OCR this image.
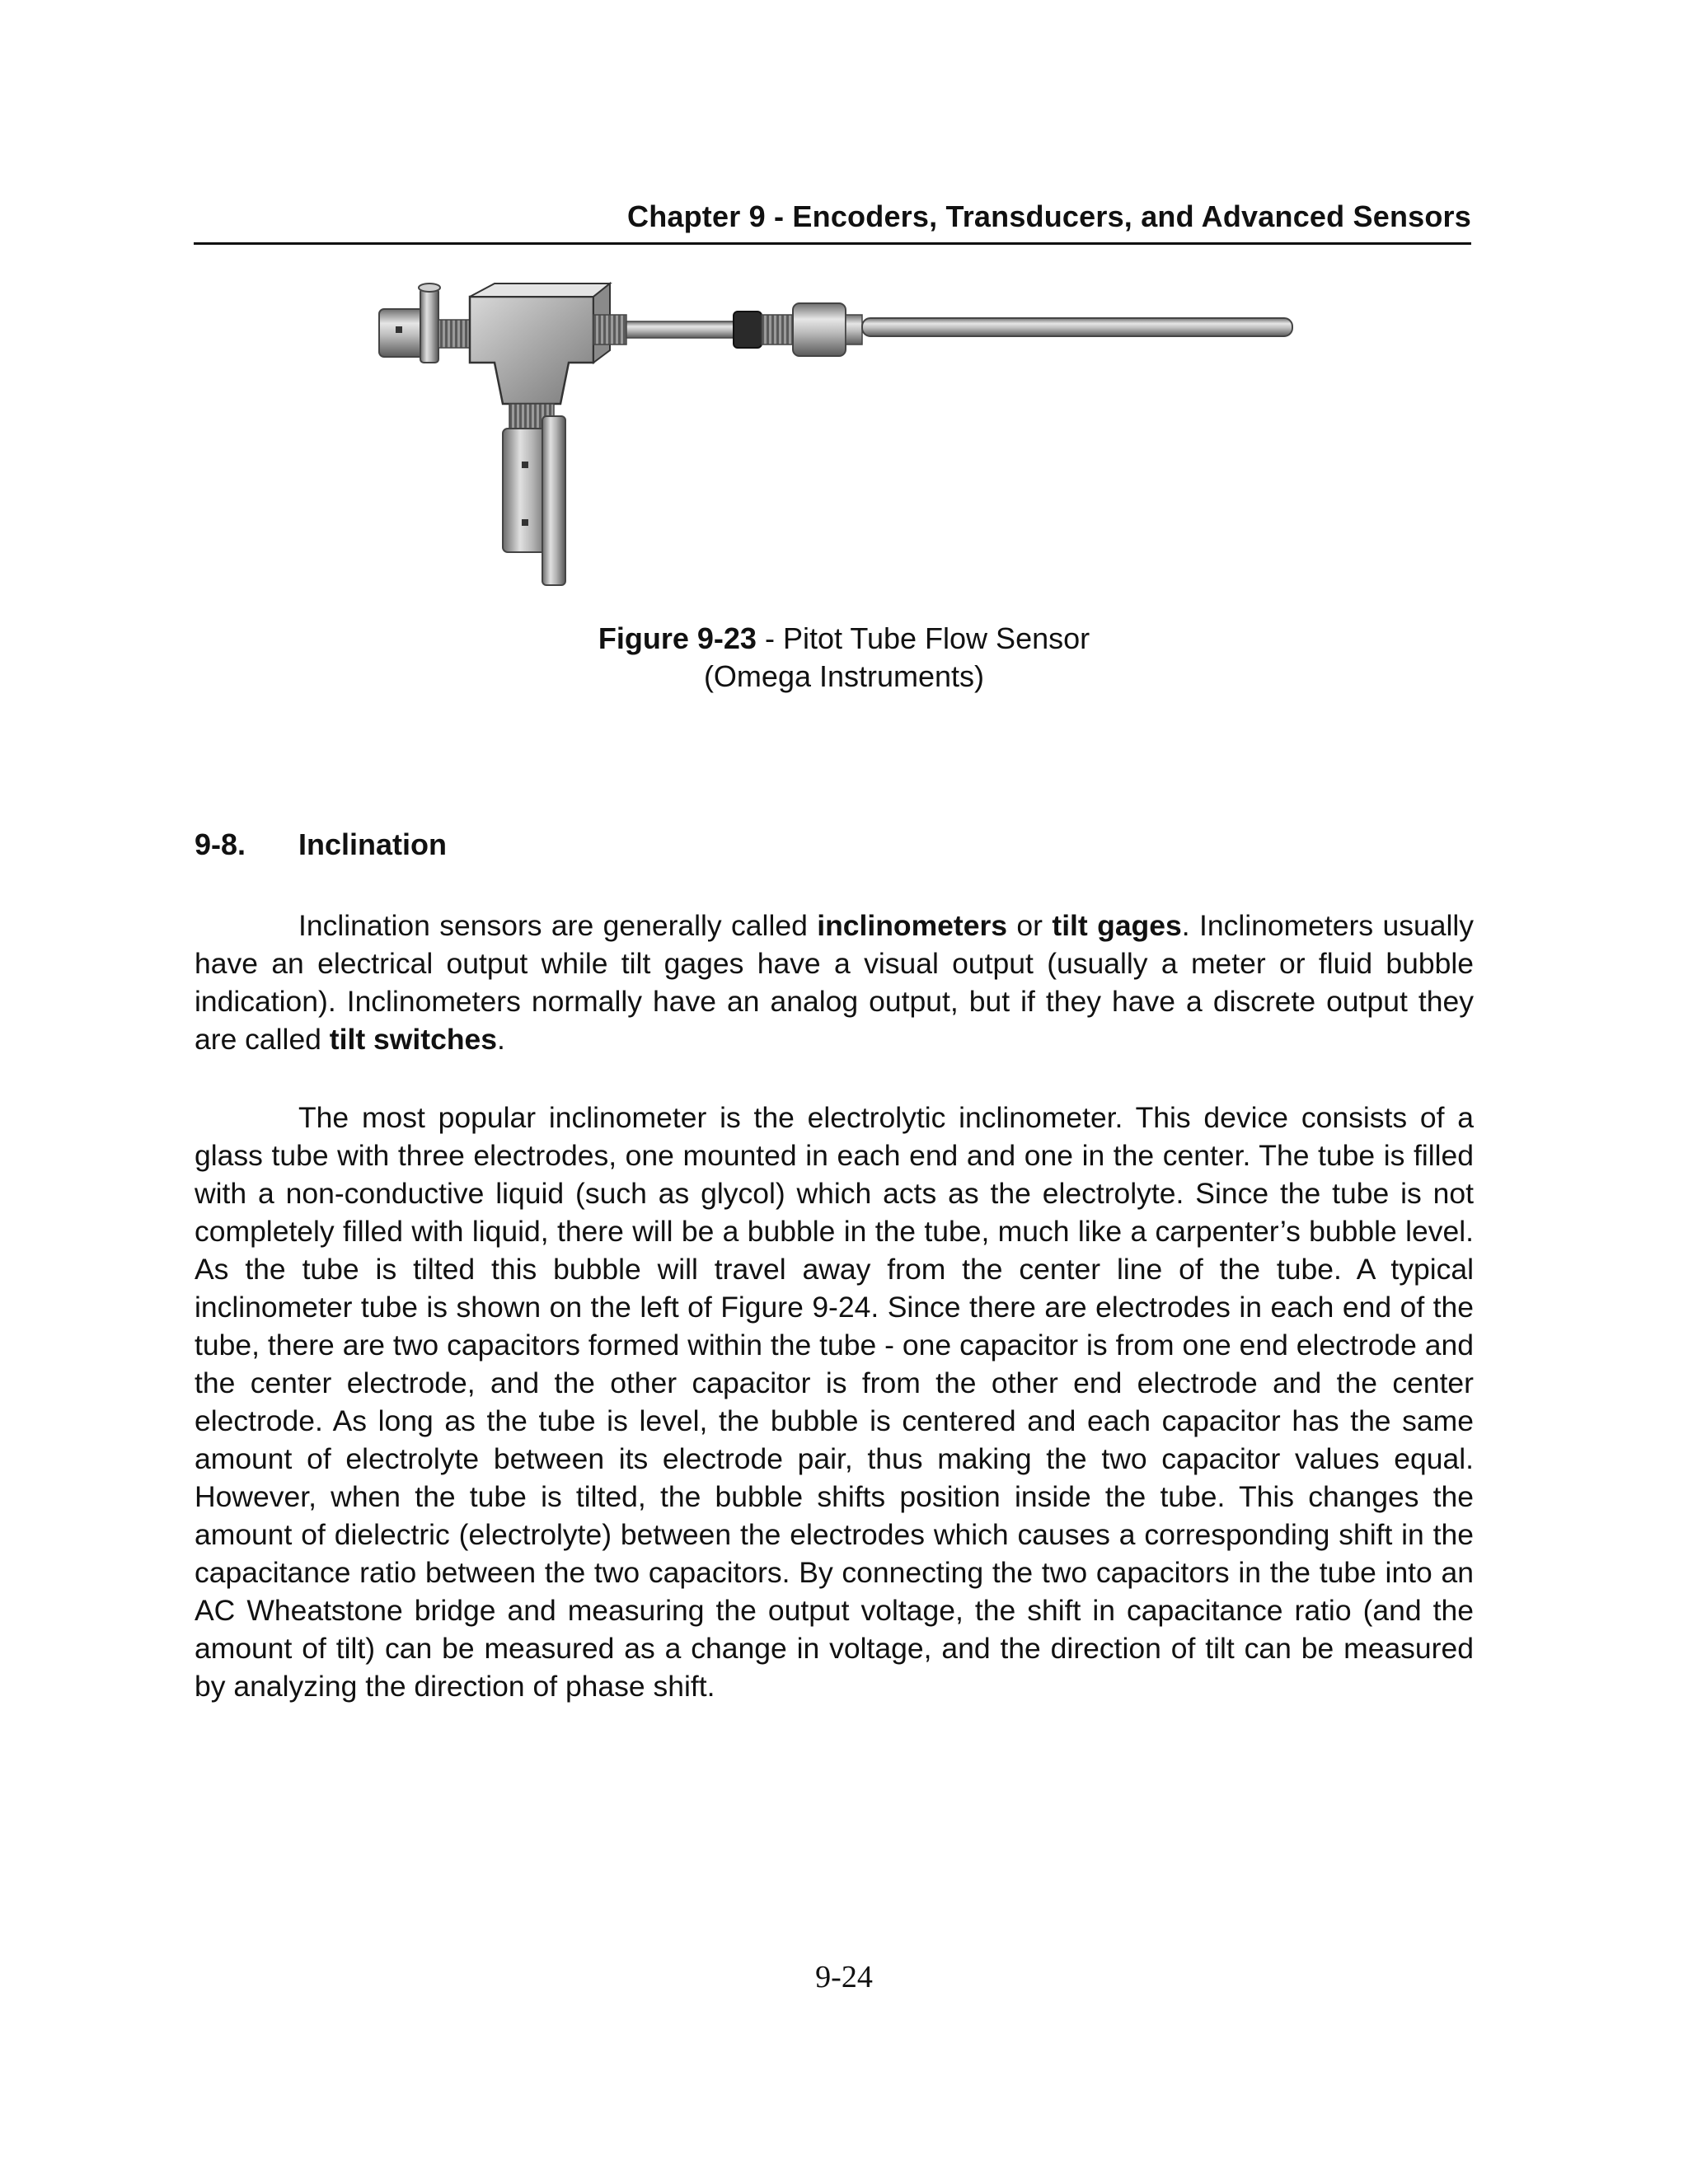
Chapter 9 - Encoders, Transducers, and Advanced Sensors
Figure 9-23 - Pitot Tube Flow Sensor
(Omega Instruments)
9-8. Inclination

Inclination sensors are generally called inclinometers or tilt gages. Inclinometers usually have an electrical output while tilt gages have a visual output (usually a meter or fluid bubble indication). Inclinometers normally have an analog output, but if they have a discrete output they are called tilt switches.

The most popular inclinometer is the electrolytic inclinometer. This device consists of a glass tube with three electrodes, one mounted in each end and one in the center. The tube is filled with a non-conductive liquid (such as glycol) which acts as the electrolyte. Since the tube is not completely filled with liquid, there will be a bubble in the tube, much like a carpenter’s bubble level. As the tube is tilted this bubble will travel away from the center line of the tube. A typical inclinometer tube is shown on the left of Figure 9-24. Since there are electrodes in each end of the tube, there are two capacitors formed within the tube - one capacitor is from one end electrode and the center electrode, and the other capacitor is from the other end electrode and the center electrode. As long as the tube is level, the bubble is centered and each capacitor has the same amount of electrolyte between its electrode pair, thus making the two capacitor values equal. However, when the tube is tilted, the bubble shifts position inside the tube. This changes the amount of dielectric (electrolyte) between the electrodes which causes a corresponding shift in the capacitance ratio between the two capacitors. By connecting the two capacitors in the tube into an AC Wheatstone bridge and measuring the output voltage, the shift in capacitance ratio (and the amount of tilt) can be measured as a change in voltage, and the direction of tilt can be measured by analyzing the direction of phase shift.

9-24
